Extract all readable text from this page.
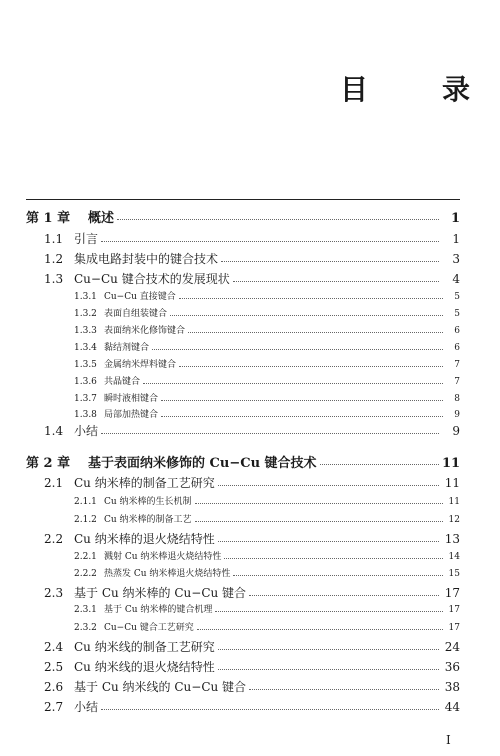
目	录
第 1 章	概述	1
1.1 引言	1
1.2 集成电路封装中的键合技术	3
1.3 Cu−Cu 键合技术的发展现状	4
1.3.1 Cu−Cu 直接键合	5
1.3.2 表面自组装键合	5
1.3.3 表面纳米化修饰键合	6
1.3.4 黏结剂键合	6
1.3.5 金属纳米焊料键合	7
1.3.6 共晶键合	7
1.3.7 瞬时液相键合	8
1.3.8 局部加热键合	9
1.4 小结	9
第 2 章	基于表面纳米修饰的 Cu−Cu 键合技术	11
2.1 Cu 纳米棒的制备工艺研究	11
2.1.1 Cu 纳米棒的生长机制	11
2.1.2 Cu 纳米棒的制备工艺	12
2.2 Cu 纳米棒的退火烧结特性	13
2.2.1 溅射 Cu 纳米棒退火烧结特性	14
2.2.2 热蒸发 Cu 纳米棒退火烧结特性	15
2.3 基于 Cu 纳米棒的 Cu−Cu 键合	17
2.3.1 基于 Cu 纳米棒的键合机理	17
2.3.2 Cu−Cu 键合工艺研究	17
2.4 Cu 纳米线的制备工艺研究	24
2.5 Cu 纳米线的退火烧结特性	36
2.6 基于 Cu 纳米线的 Cu−Cu 键合	38
2.7 小结	44
I
